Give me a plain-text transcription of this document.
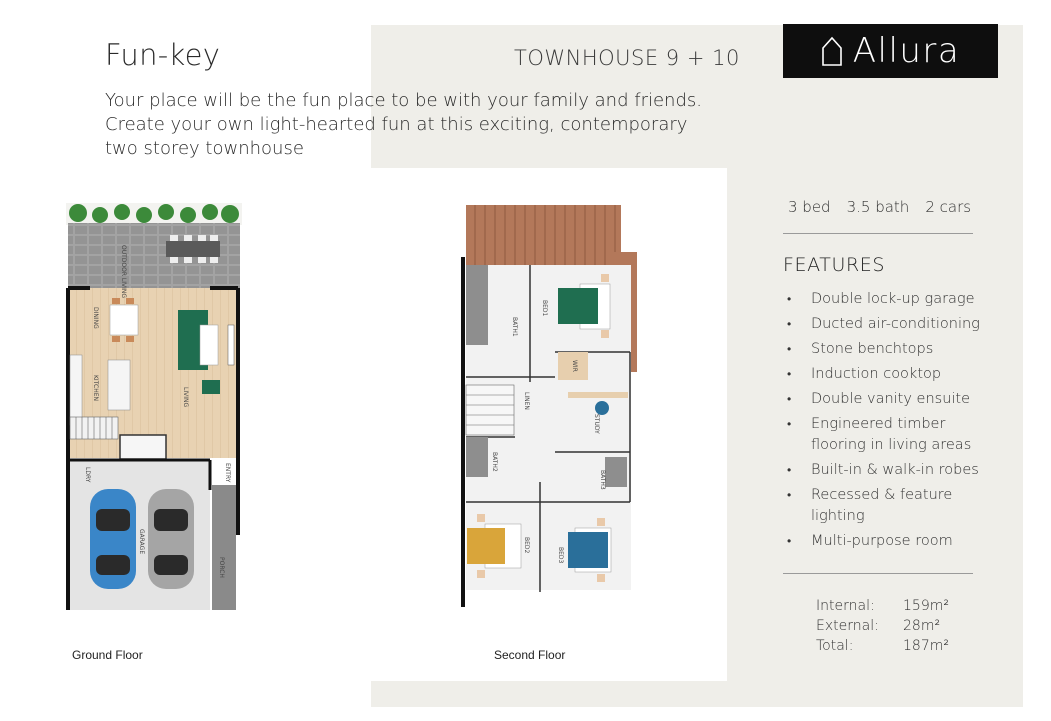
Fun-key	TOWNHOUSE 9 + 10	Allura

Your place will be the fun place to be with your family and friends.

Create your own light-hearted fun at this exciting, contemporary

two storey townhouse

OUTDOOR LIVING
DINING
KITCHEN	LIVING
LDRY	ENTRY
GARAGE
PORCH
Ground Floor
BED1
BATH1
WIR
STUDY
LINEN
BATH2
BATH3
BED2
BED3
Second Floor
3 bed 3.5 bath 2 cars
FEATURES
• Double lock-up garage
• Ducted air-conditioning
• Stone benchtops
• Induction cooktop
• Double vanity ensuite
• Engineered timber flooring in living areas
• Built-in & walk-in robes
• Recessed & feature lighting
• Multi-purpose room
Internal:	159m²
External:	28m²
Total:	187m²
